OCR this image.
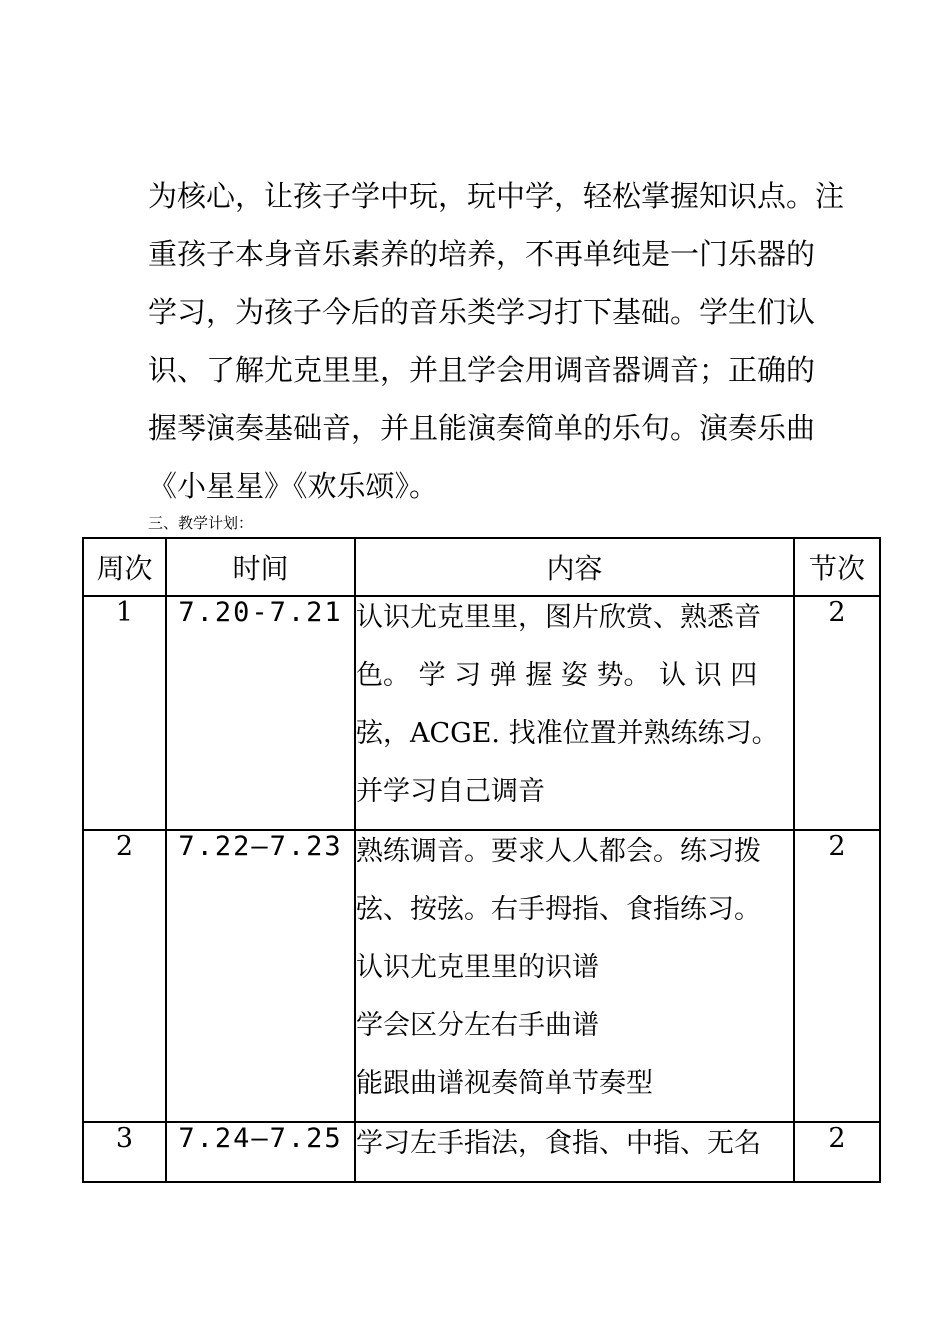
为核心，让孩子学中玩，玩中学，轻松掌握知识点。注
重孩子本身音乐素养的培养，不再单纯是一门乐器的
学习，为孩子今后的音乐类学习打下基础。学生们认
识、了解尤克里里，并且学会用调音器调音；正确的
握琴演奏基础音，并且能演奏简单的乐句。演奏乐曲
《小星星》《欢乐颂》。
三、教学计划：
周次	时间	内容	节次
1	7.20-7.21	认识尤克里里，图片欣赏、熟悉音
色。 学 习 弹 握 姿 势。 认 识 四
弦，ACGE. 找准位置并熟练练习。
并学习自己调音	2
2	7.22—7.23	熟练调音。要求人人都会。练习拨
弦、按弦。右手拇指、食指练习。
认识尤克里里的识谱
学会区分左右手曲谱
能跟曲谱视奏简单节奏型	2
3	7.24—7.25	学习左手指法，食指、中指、无名	2
